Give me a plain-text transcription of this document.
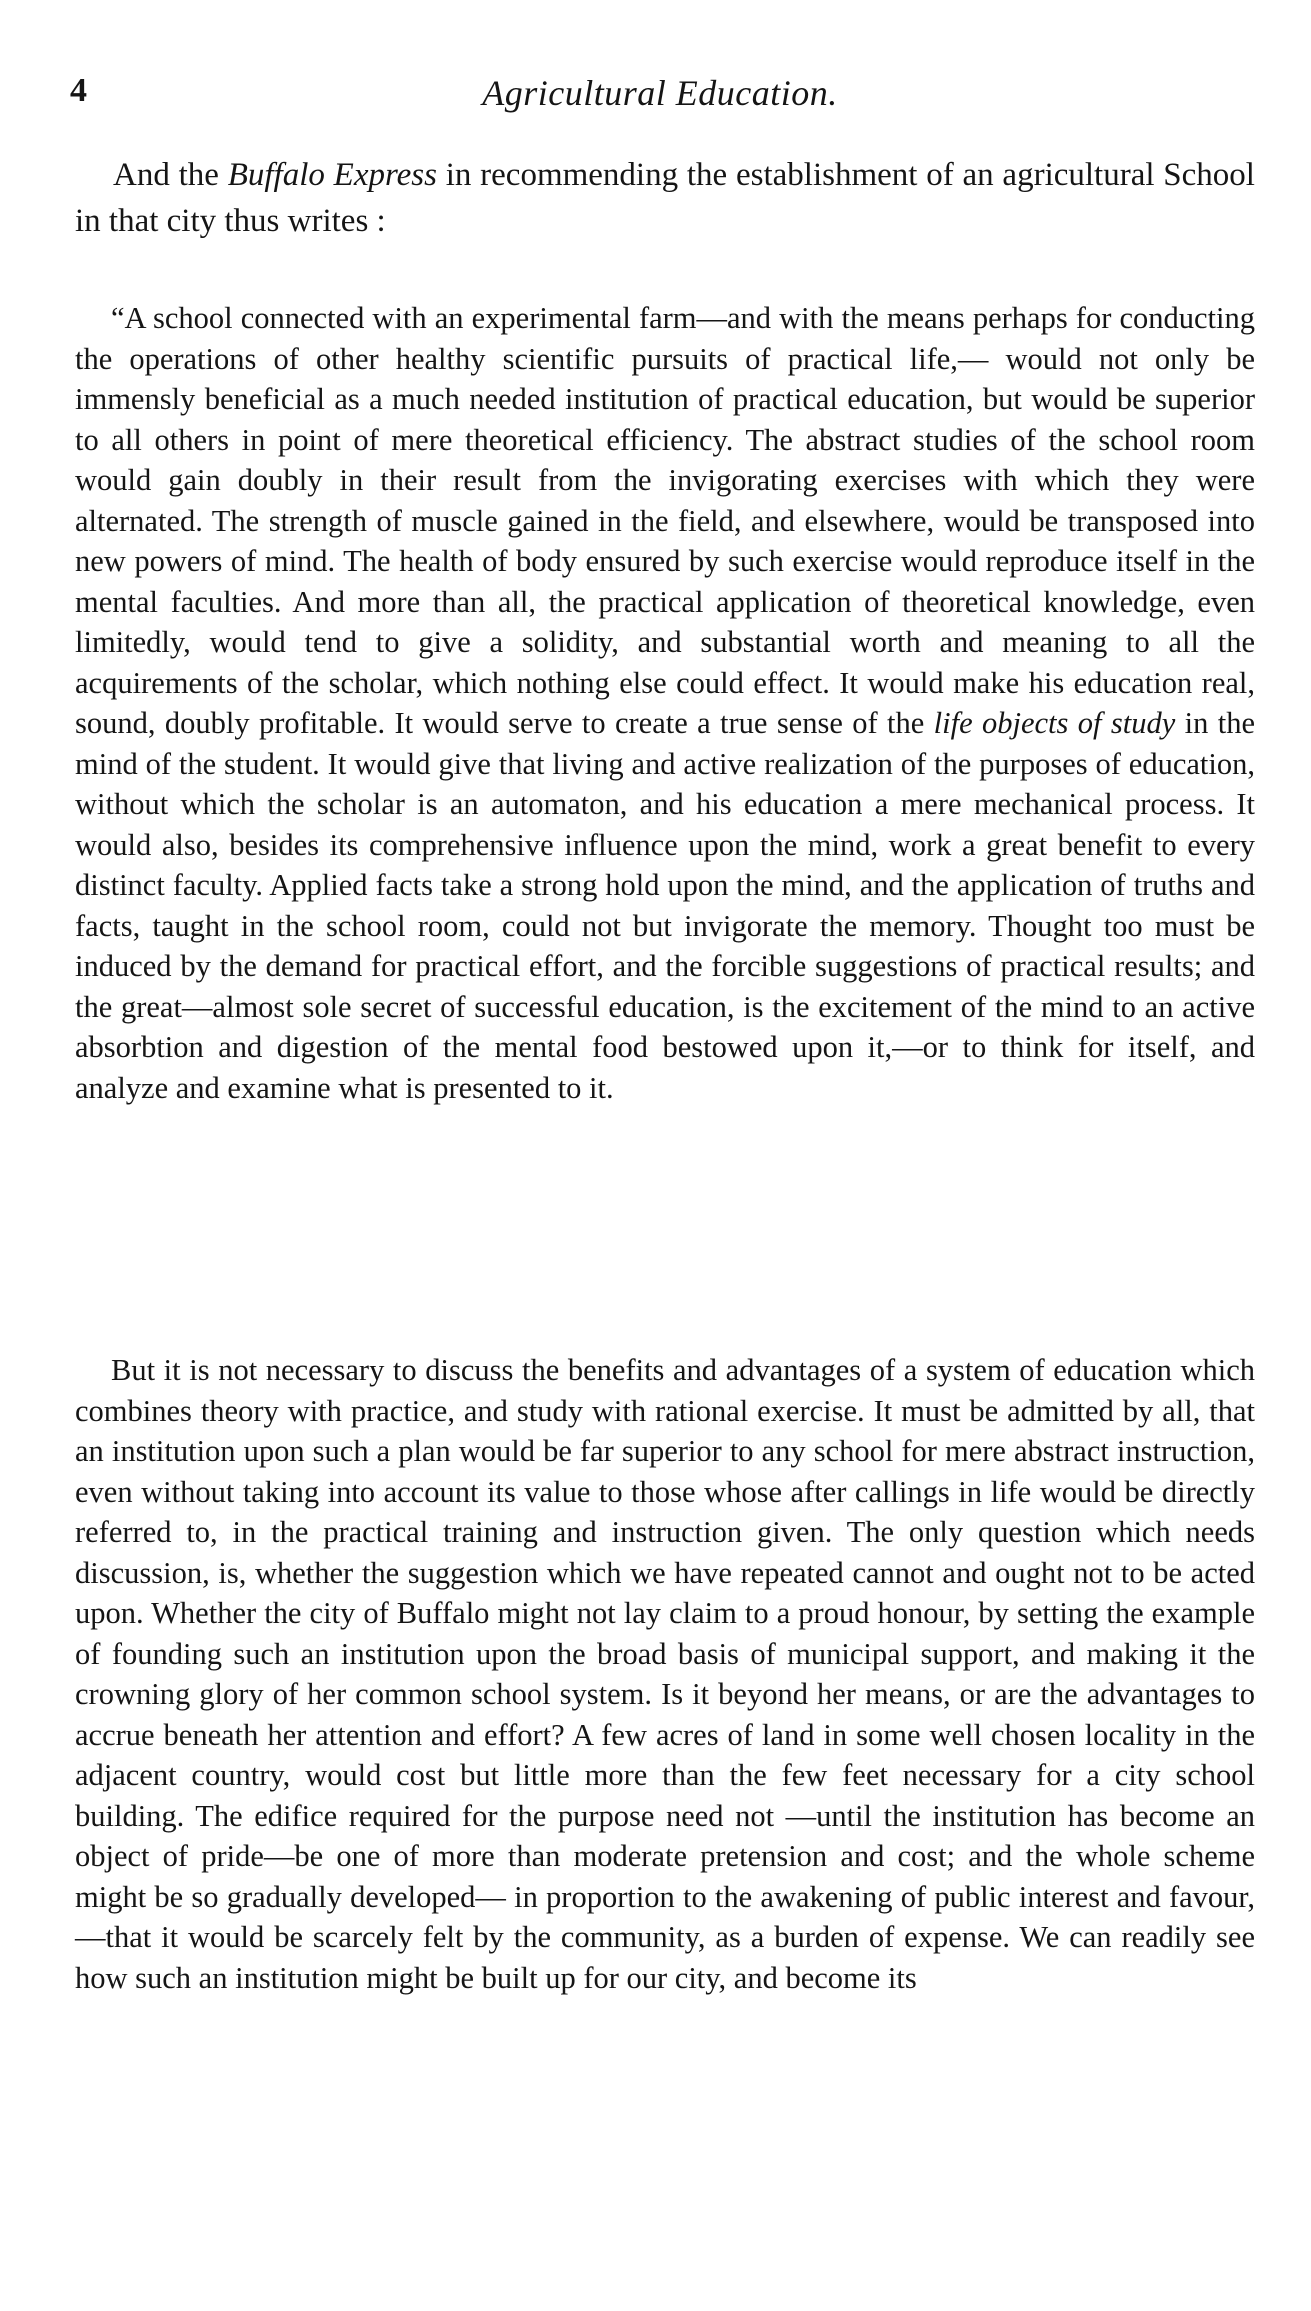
4	Agricultural Education.

And the Buffalo Express in recommending the establishment of an agricultural School in that city thus writes :

“A school connected with an experimental farm—and with the means perhaps for conducting the operations of other healthy scientific pursuits of practical life,— would not only be immensly beneficial as a much needed institution of practical education, but would be superior to all others in point of mere theoretical efficiency. The abstract studies of the school room would gain doubly in their result from the invigorating exercises with which they were alternated. The strength of muscle gained in the field, and elsewhere, would be transposed into new powers of mind. The health of body ensured by such exercise would reproduce itself in the mental faculties. And more than all, the practical application of theoretical knowledge, even limitedly, would tend to give a solidity, and substantial worth and meaning to all the acquirements of the scholar, which nothing else could effect. It would make his education real, sound, doubly profitable. It would serve to create a true sense of the life objects of study in the mind of the student. It would give that living and active realization of the purposes of education, without which the scholar is an automaton, and his education a mere mechanical process. It would also, besides its comprehensive influence upon the mind, work a great benefit to every distinct faculty. Applied facts take a strong hold upon the mind, and the application of truths and facts, taught in the school room, could not but invigorate the memory. Thought too must be induced by the demand for practical effort, and the forcible suggestions of practical results; and the great—almost sole secret of successful education, is the excitement of the mind to an active absorbtion and digestion of the mental food bestowed upon it,—or to think for itself, and analyze and examine what is presented to it.

But it is not necessary to discuss the benefits and advantages of a system of education which combines theory with practice, and study with rational exercise. It must be admitted by all, that an institution upon such a plan would be far superior to any school for mere abstract instruction, even without taking into account its value to those whose after callings in life would be directly referred to, in the practical training and instruction given. The only question which needs discussion, is, whether the suggestion which we have repeated cannot and ought not to be acted upon. Whether the city of Buffalo might not lay claim to a proud honour, by setting the example of founding such an institution upon the broad basis of municipal support, and making it the crowning glory of her common school system. Is it beyond her means, or are the advantages to accrue beneath her attention and effort? A few acres of land in some well chosen locality in the adjacent country, would cost but little more than the few feet necessary for a city school building. The edifice required for the purpose need not —until the institution has become an object of pride—be one of more than moderate pretension and cost; and the whole scheme might be so gradually developed— in proportion to the awakening of public interest and favour,—that it would be scarcely felt by the community, as a burden of expense. We can readily see how such an institution might be built up for our city, and become its
